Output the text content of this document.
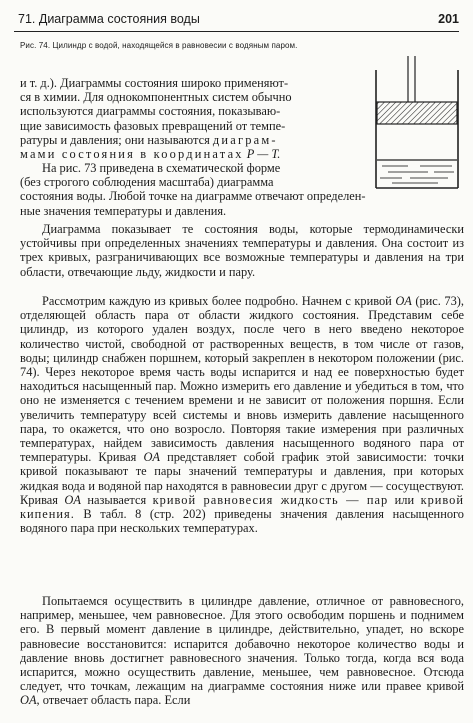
71. Диаграмма состояния воды	201
Рис. 74. Цилиндр с водой, находящейся в равновесии с водяным паром.

и т. д.). Диаграммы состояния широко применяют-
ся в химии. Для однокомпонентных систем обычно
используются диаграммы состояния, показываю-
щие зависимость фазовых превращений от темпе-
ратуры и давления; они называются диаграм-
мами состояния в координатах P — T.

На рис. 73 приведена в схематической форме
(без строгого соблюдения масштаба) диаграмма
состояния воды. Любой точке на диаграмме отвечают определен-
ные значения температуры и давления.

Диаграмма показывает те состояния воды, которые термодинамически устойчивы при определенных значениях температуры и давления. Она состоит из трех кривых, разграничивающих все возможные температуры и давления на три области, отвечающие льду, жидкости и пару.

Рассмотрим каждую из кривых более подробно. Начнем с кривой OA (рис. 73), отделяющей область пара от области жидкого состояния. Представим себе цилиндр, из которого удален воздух, после чего в него введено некоторое количество чистой, свободной от растворенных веществ, в том числе от газов, воды; цилиндр снабжен поршнем, который закреплен в некотором положении (рис. 74). Через некоторое время часть воды испарится и над ее поверхностью будет находиться насыщенный пар. Можно измерить его давление и убедиться в том, что оно не изменяется с течением времени и не зависит от положения поршня. Если увеличить температуру всей системы и вновь измерить давление насыщенного пара, то окажется, что оно возросло. Повторяя такие измерения при различных температурах, найдем зависимость давления насыщенного водяного пара от температуры. Кривая OA представляет собой график этой зависимости: точки кривой показывают те пары значений температуры и давления, при которых жидкая вода и водяной пар находятся в равновесии друг с другом — сосуществуют. Кривая OA называется кривой равновесия жидкость — пар или кривой кипения. В табл. 8 (стр. 202) приведены значения давления насыщенного водяного пара при нескольких температурах.

Попытаемся осуществить в цилиндре давление, отличное от равновесного, например, меньшее, чем равновесное. Для этого освободим поршень и поднимем его. В первый момент давление в цилиндре, действительно, упадет, но вскоре равновесие восстановится: испарится добавочно некоторое количество воды и давление вновь достигнет равновесного значения. Только тогда, когда вся вода испарится, можно осуществить давление, меньшее, чем равновесное. Отсюда следует, что точкам, лежащим на диаграмме состояния ниже или правее кривой OA, отвечает область пара. Если
